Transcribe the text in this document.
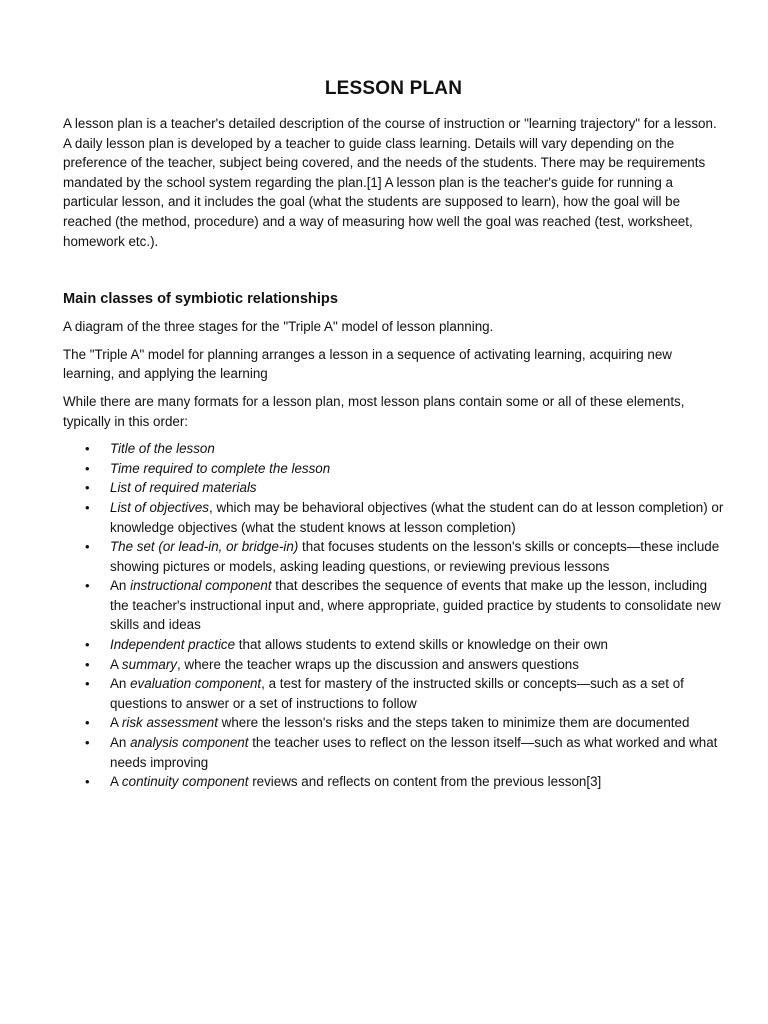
LESSON PLAN

A lesson plan is a teacher's detailed description of the course of instruction or "learning trajectory" for a lesson. A daily lesson plan is developed by a teacher to guide class learning. Details will vary depending on the preference of the teacher, subject being covered, and the needs of the students. There may be requirements mandated by the school system regarding the plan.[1] A lesson plan is the teacher's guide for running a particular lesson, and it includes the goal (what the students are supposed to learn), how the goal will be reached (the method, procedure) and a way of measuring how well the goal was reached (test, worksheet, homework etc.).

Main classes of symbiotic relationships

A diagram of the three stages for the "Triple A" model of lesson planning.

The "Triple A" model for planning arranges a lesson in a sequence of activating learning, acquiring new learning, and applying the learning

While there are many formats for a lesson plan, most lesson plans contain some or all of these elements, typically in this order:

• Title of the lesson
• Time required to complete the lesson
• List of required materials
• List of objectives, which may be behavioral objectives (what the student can do at lesson completion) or knowledge objectives (what the student knows at lesson completion)
• The set (or lead-in, or bridge-in) that focuses students on the lesson's skills or concepts—these include showing pictures or models, asking leading questions, or reviewing previous lessons
• An instructional component that describes the sequence of events that make up the lesson, including the teacher's instructional input and, where appropriate, guided practice by students to consolidate new skills and ideas
• Independent practice that allows students to extend skills or knowledge on their own
• A summary, where the teacher wraps up the discussion and answers questions
• An evaluation component, a test for mastery of the instructed skills or concepts—such as a set of questions to answer or a set of instructions to follow
• A risk assessment where the lesson's risks and the steps taken to minimize them are documented
• An analysis component the teacher uses to reflect on the lesson itself—such as what worked and what needs improving
• A continuity component reviews and reflects on content from the previous lesson[3]
